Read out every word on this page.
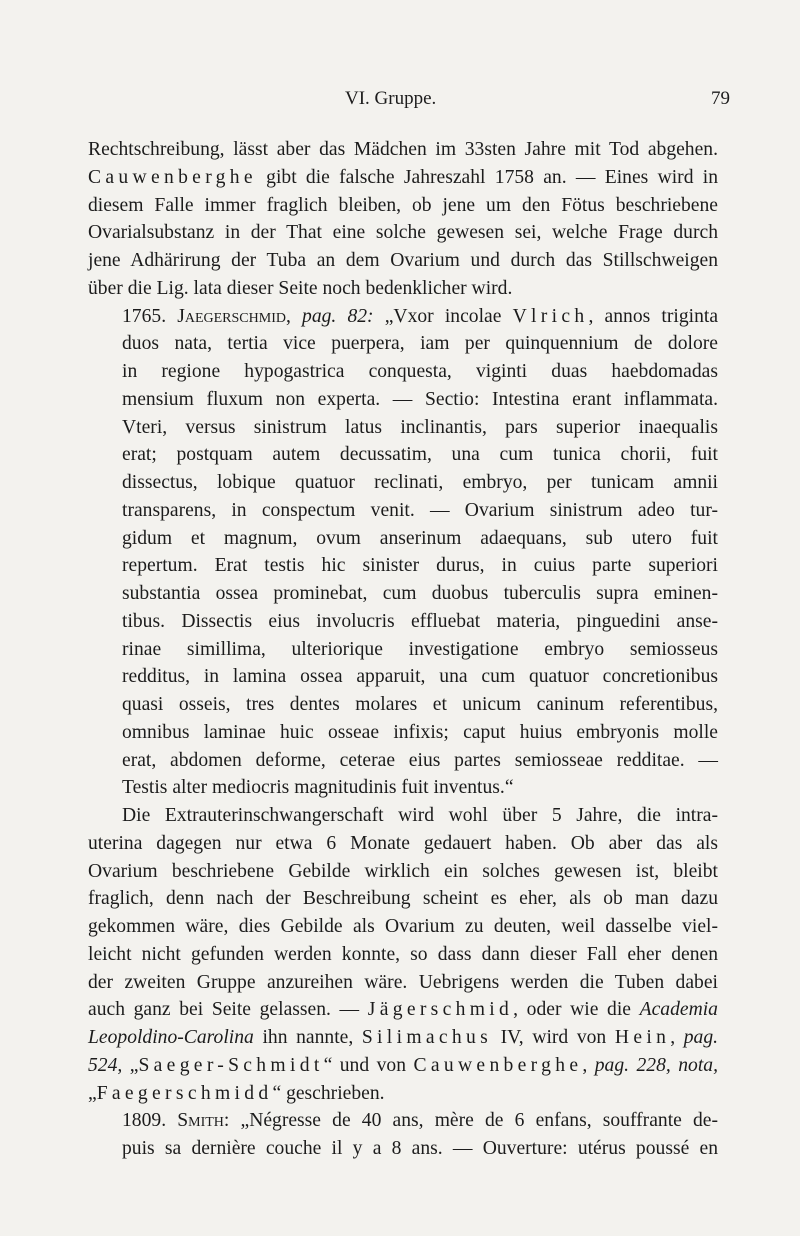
VI. Gruppe.	79
Rechtschreibung, lässt aber das Mädchen im 33sten Jahre mit Tod abgehen.
Cauwenberghe gibt die falsche Jahreszahl 1758 an. — Eines wird in
diesem Falle immer fraglich bleiben, ob jene um den Fötus beschriebene
Ovarialsubstanz in der That eine solche gewesen sei, welche Frage durch
jene Adhärirung der Tuba an dem Ovarium und durch das Stillschweigen
über die Lig. lata dieser Seite noch bedenklicher wird.
1765. Jaegerschmid, pag. 82: „Vxor incolae Vlrich, annos triginta
duos nata, tertia vice puerpera, iam per quinquennium de dolore
in regione hypogastrica conquesta, viginti duas haebdomadas
mensium fluxum non experta. — Sectio: Intestina erant inflammata.
Vteri, versus sinistrum latus inclinantis, pars superior inaequalis
erat; postquam autem decussatim, una cum tunica chorii, fuit
dissectus, lobique quatuor reclinati, embryo, per tunicam amnii
transparens, in conspectum venit. — Ovarium sinistrum adeo tur-
gidum et magnum, ovum anserinum adaequans, sub utero fuit
repertum. Erat testis hic sinister durus, in cuius parte superiori
substantia ossea prominebat, cum duobus tuberculis supra eminen-
tibus. Dissectis eius involucris effluebat materia, pinguedini anse-
rinae simillima, ulteriorique investigatione embryo semiosseus
redditus, in lamina ossea apparuit, una cum quatuor concretionibus
quasi osseis, tres dentes molares et unicum caninum referentibus,
omnibus laminae huic osseae infixis; caput huius embryonis molle
erat, abdomen deforme, ceterae eius partes semiosseae redditae. —
Testis alter mediocris magnitudinis fuit inventus.“
Die Extrauterinschwangerschaft wird wohl über 5 Jahre, die intra-
uterina dagegen nur etwa 6 Monate gedauert haben. Ob aber das als
Ovarium beschriebene Gebilde wirklich ein solches gewesen ist, bleibt
fraglich, denn nach der Beschreibung scheint es eher, als ob man dazu
gekommen wäre, dies Gebilde als Ovarium zu deuten, weil dasselbe viel-
leicht nicht gefunden werden konnte, so dass dann dieser Fall eher denen
der zweiten Gruppe anzureihen wäre. Uebrigens werden die Tuben dabei
auch ganz bei Seite gelassen. — Jägerschmid, oder wie die Academia
Leopoldino-Carolina ihn nannte, Silimachus IV, wird von Hein, pag.
524, „Saeger-Schmidt“ und von Cauwenberghe, pag. 228, nota,
„Faegerschmidd“ geschrieben.
1809. Smith: „Négresse de 40 ans, mère de 6 enfans, souffrante de-
puis sa dernière couche il y a 8 ans. — Ouverture: utérus poussé en
